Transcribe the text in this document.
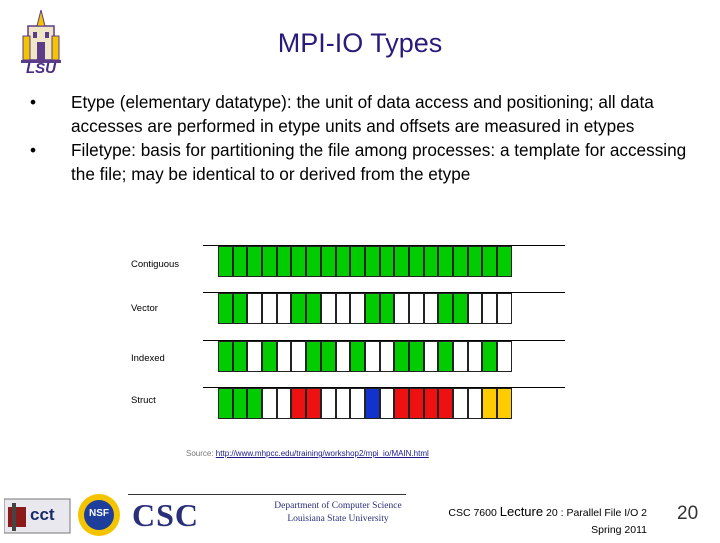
LSU
MPI-IO Types
• Etype (elementary datatype): the unit of data access and positioning; all data accesses are performed in etype units and offsets are measured in etypes
• Filetype: basis for partitioning the file among processes: a template for accessing the file; may be identical to or derived from the etype
Contiguous
Vector
Indexed
Struct
Source: http://www.mhpcc.edu/training/workshop2/mpi_io/MAIN.html
cct	NSF CSC	Department of Computer Science
Louisiana State University	CSC 7600 Lecture 20 : Parallel File I/O 2
Spring 2011
20
